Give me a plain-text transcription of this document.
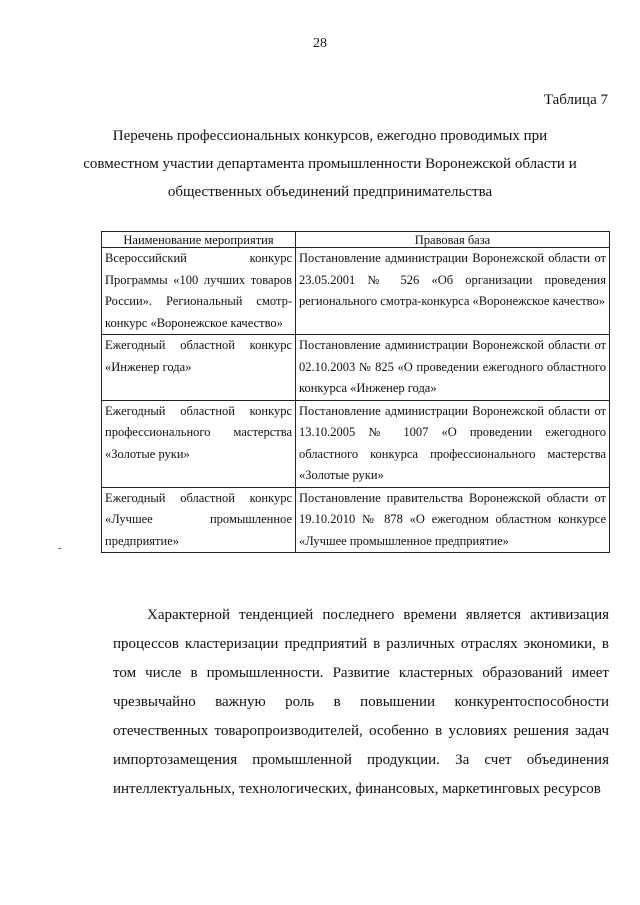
28
Таблица 7
Перечень профессиональных конкурсов, ежегодно проводимых при совместном участии департамента промышленности Воронежской области и общественных объединений предпринимательства
Наименование мероприятия	Правовая база
Всероссийский конкурс Программы «100 лучших товаров России». Региональный смотр-конкурс «Воронежское качество»	Постановление администрации Воронежской области от 23.05.2001 № 526 «Об организации проведения регионального смотра-конкурса «Воронежское качество»
Ежегодный областной конкурс «Инженер года»	Постановление администрации Воронежской области от 02.10.2003 № 825 «О проведении ежегодного областного конкурса «Инженер года»
Ежегодный областной конкурс профессионального мастерства «Золотые руки»	Постановление администрации Воронежской области от 13.10.2005 № 1007 «О проведении ежегодного областного конкурса профессионального мастерства «Золотые руки»
Ежегодный областной конкурс «Лучшее промышленное предприятие»	Постановление правительства Воронежской области от 19.10.2010 № 878 «О ежегодном областном конкурсе «Лучшее промышленное предприятие»

Характерной тенденцией последнего времени является активизация процессов кластеризации предприятий в различных отраслях экономики, в том числе в промышленности. Развитие кластерных образований имеет чрезвычайно важную роль в повышении конкурентоспособности отечественных товаропроизводителей, особенно в условиях решения задач импортозамещения промышленной продукции. За счет объединения интеллектуальных, технологических, финансовых, маркетинговых ресурсов
